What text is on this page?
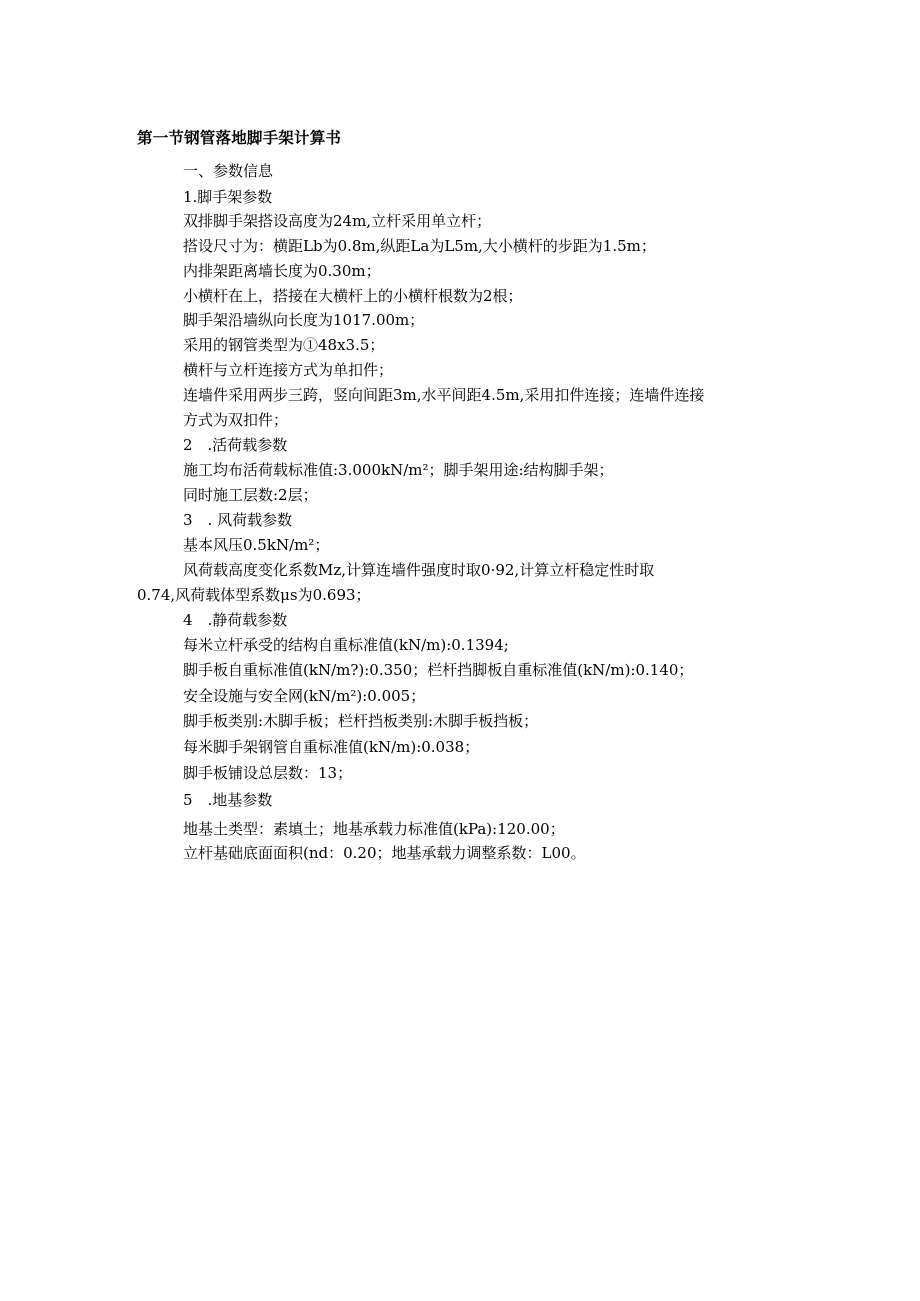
第一节钢管落地脚手架计算书
一、参数信息
1.脚手架参数
双排脚手架搭设高度为24m,立杆采用单立杆；
搭设尺寸为：横距Lb为0.8m,纵距La为L5m,大小横杆的步距为1.5m；
内排架距离墙长度为0.30m；
小横杆在上，搭接在大横杆上的小横杆根数为2根；
脚手架沿墙纵向长度为1017.00m；
采用的钢管类型为①48x3.5；
横杆与立杆连接方式为单扣件；
连墙件采用两步三跨，竖向间距3m,水平间距4.5m,采用扣件连接；连墙件连接
方式为双扣件；
2　.活荷载参数
施工均布活荷载标准值:3.000kN/m²；脚手架用途:结构脚手架；
同时施工层数:2层；
3　. 风荷载参数
基本风压0.5kN/m²；
风荷载高度变化系数Mz,计算连墙件强度时取0·92,计算立杆稳定性时取
0.74,风荷载体型系数μs为0.693；
4　.静荷载参数
每米立杆承受的结构自重标准值(kN/m):0.1394;
脚手板自重标准值(kN/m?):0.350；栏杆挡脚板自重标准值(kN/m):0.140；
安全设施与安全网(kN∕m²):0.005；
脚手板类别:木脚手板；栏杆挡板类别:木脚手板挡板；
每米脚手架钢管自重标准值(kN/m):0.038；
脚手板铺设总层数：13；
5　.地基参数
地基土类型：素填土；地基承载力标准值(kPa):120.00；
立杆基础底面面积(nd：0.20；地基承载力调整系数：L00。
